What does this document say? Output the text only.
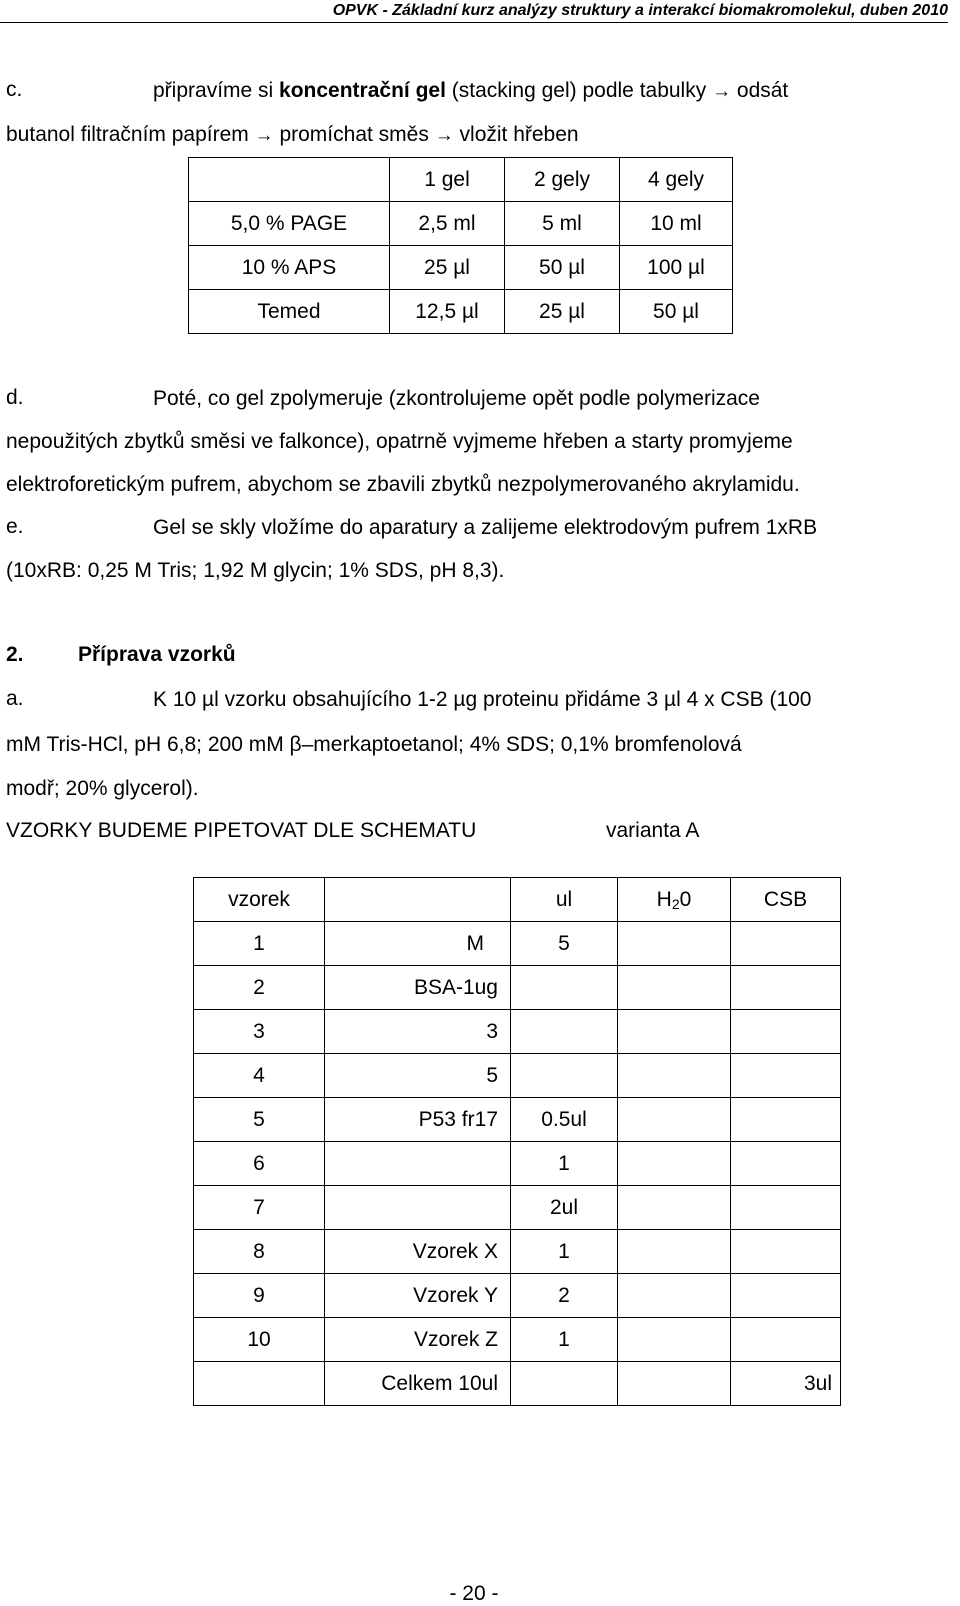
OPVK - Základní kurz analýzy struktury a interakcí biomakromolekul, duben 2010
c.	připravíme si koncentrační gel (stacking gel) podle tabulky → odsát
butanol filtračním papírem → promíchat směs → vložit hřeben
	1 gel	2 gely	4 gely
5,0 % PAGE	2,5 ml	5 ml	10 ml
10 % APS	25 µl	50 µl	100 µl
Temed	12,5 µl	25 µl	50 µl
d.	Poté, co gel zpolymeruje (zkontrolujeme opět podle polymerizace
nepoužitých zbytků směsi ve falkonce), opatrně vyjmeme hřeben a starty promyjeme
elektroforetickým pufrem, abychom se zbavili zbytků nezpolymerovaného akrylamidu.
e.	Gel se skly vložíme do aparatury a zalijeme elektrodovým pufrem 1xRB
(10xRB: 0,25 M Tris; 1,92 M glycin; 1% SDS, pH 8,3).
2.	Příprava vzorků
a.	K 10 µl vzorku obsahujícího 1-2 µg proteinu přidáme 3 µl 4 x CSB (100
mM Tris-HCl, pH 6,8; 200 mM β–merkaptoetanol; 4% SDS; 0,1% bromfenolová
modř; 20% glycerol).
VZORKY BUDEME PIPETOVAT DLE SCHEMATU	varianta A
vzorek		ul	$H_20$	CSB
1	M	5		
2	BSA-1ug			
3	3			
4	5			
5	P53 fr17	0.5ul		
6		1		
7		2ul		
8	Vzorek X	1		
9	Vzorek Y	2		
10	Vzorek Z	1		
	Celkem 10ul			3ul
- 20 -
